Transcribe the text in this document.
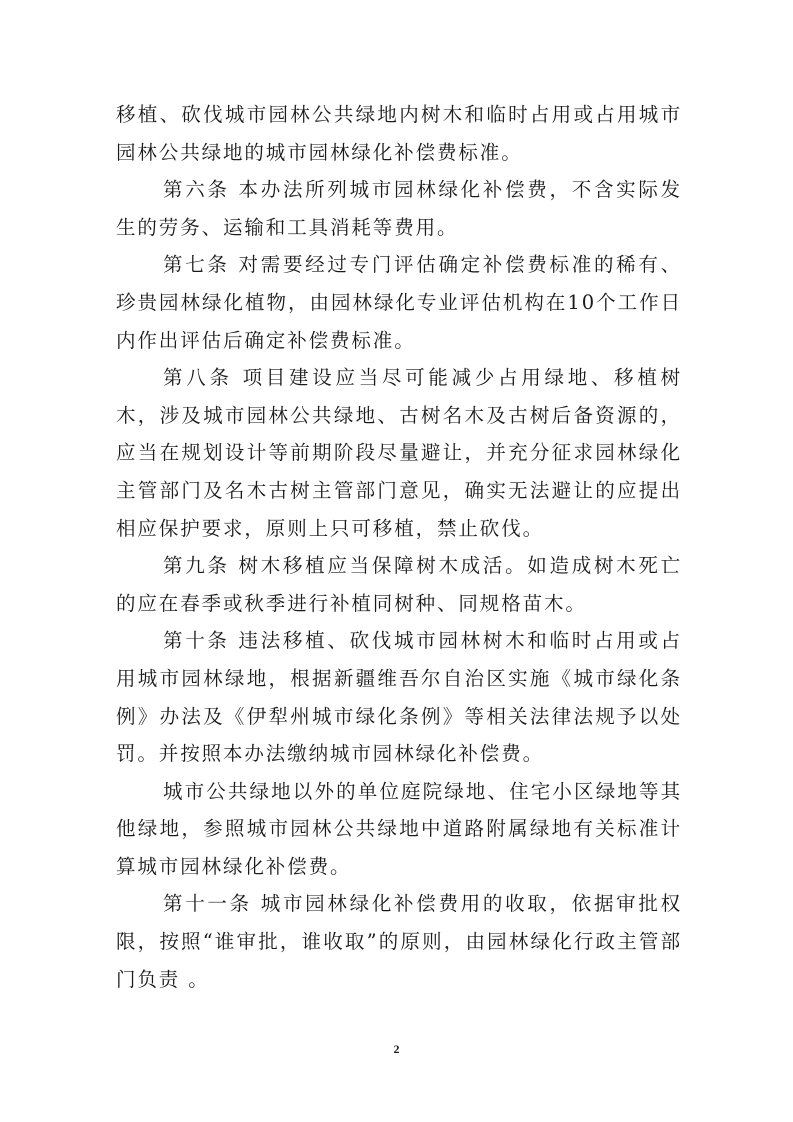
移植、砍伐城市园林公共绿地内树木和临时占用或占用城市园林公共绿地的城市园林绿化补偿费标准。

第六条 本办法所列城市园林绿化补偿费，不含实际发生的劳务、运输和工具消耗等费用。

第七条 对需要经过专门评估确定补偿费标准的稀有、珍贵园林绿化植物，由园林绿化专业评估机构在10个工作日内作出评估后确定补偿费标准。

第八条 项目建设应当尽可能减少占用绿地、移植树木，涉及城市园林公共绿地、古树名木及古树后备资源的，应当在规划设计等前期阶段尽量避让，并充分征求园林绿化主管部门及名木古树主管部门意见，确实无法避让的应提出相应保护要求，原则上只可移植，禁止砍伐。

第九条 树木移植应当保障树木成活。如造成树木死亡的应在春季或秋季进行补植同树种、同规格苗木。

第十条 违法移植、砍伐城市园林树木和临时占用或占用城市园林绿地，根据新疆维吾尔自治区实施《城市绿化条例》办法及《伊犁州城市绿化条例》等相关法律法规予以处罚。并按照本办法缴纳城市园林绿化补偿费。

城市公共绿地以外的单位庭院绿地、住宅小区绿地等其他绿地，参照城市园林公共绿地中道路附属绿地有关标准计算城市园林绿化补偿费。

第十一条 城市园林绿化补偿费用的收取，依据审批权限，按照“谁审批，谁收取”的原则，由园林绿化行政主管部门负责 。

2
